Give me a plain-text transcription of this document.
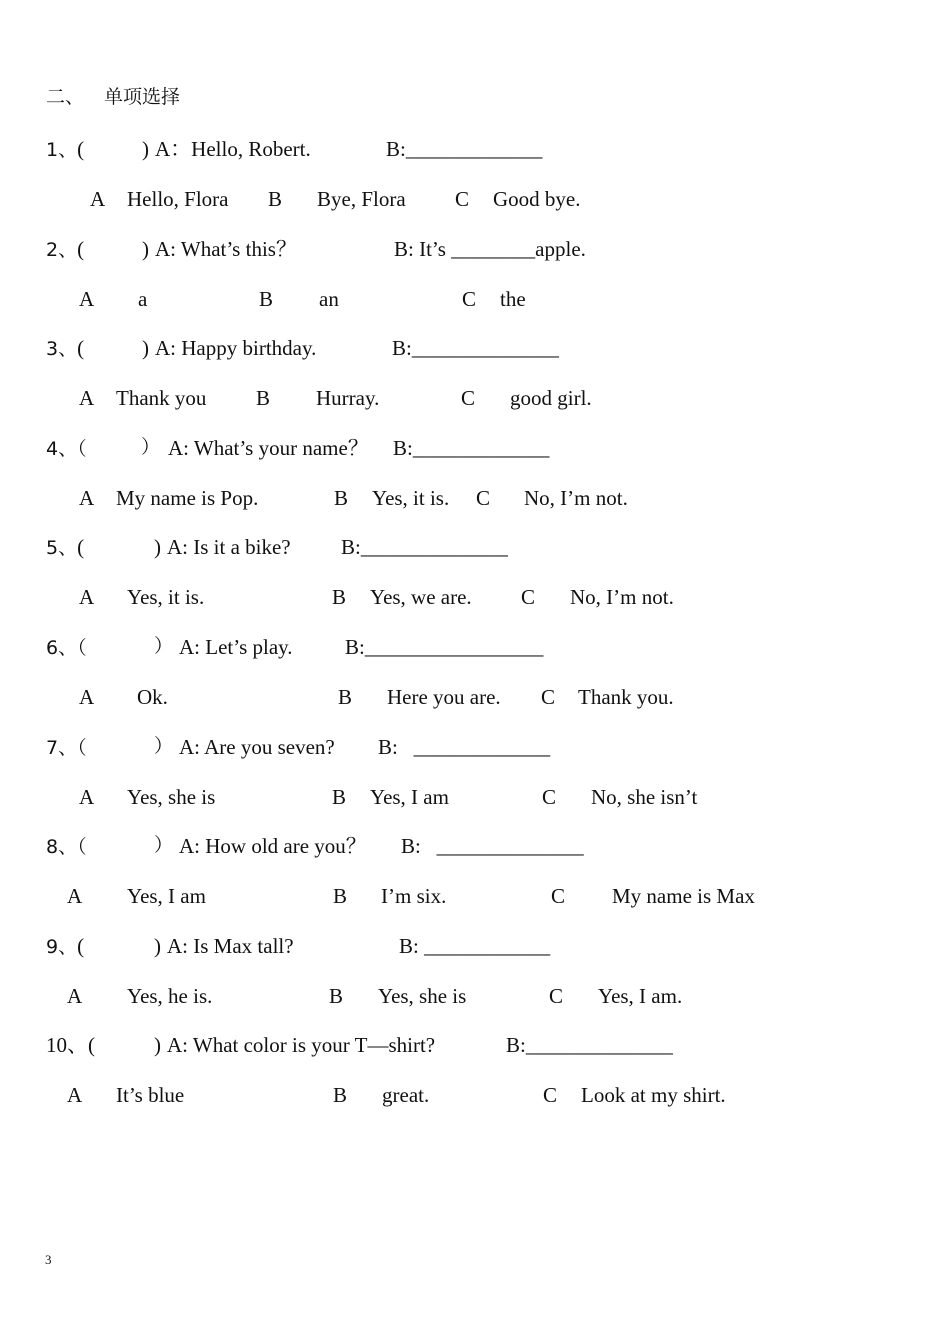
二、 单项选择
1、(	) A：Hello, Robert.	B:_____________
A Hello, Flora B Bye, Flora C Good bye.
2、(	) A: What’s this？	B: It’s ________apple.
A a	B an	C the
3、(	) A: Happy birthday.	B:______________
A Thank you B Hurray.	C good girl.
4、（	） A: What’s your name？ B:_____________
A My name is Pop.	B Yes, it is. C No, I’m not.
5、(	) A: Is it a bike? B:______________
A Yes, it is.	B Yes, we are. C No, I’m not.
6、（	） A: Let’s play. B:_________________
A Ok.	B Here you are. C Thank you.
7、（	） A: Are you seven? B:   _____________
A Yes, she is	B Yes, I am	C No, she isn’t
8、（	） A: How old are you？ B:   ______________
A Yes, I am	B I’m six.	C My name is Max
9、(	) A: Is Max tall?	B: ____________
A Yes, he is.	B Yes, she is	C Yes, I am.
10、(	) A: What color is your T—shirt?	B:______________
A It’s blue	B great.	C Look at my shirt.
3
